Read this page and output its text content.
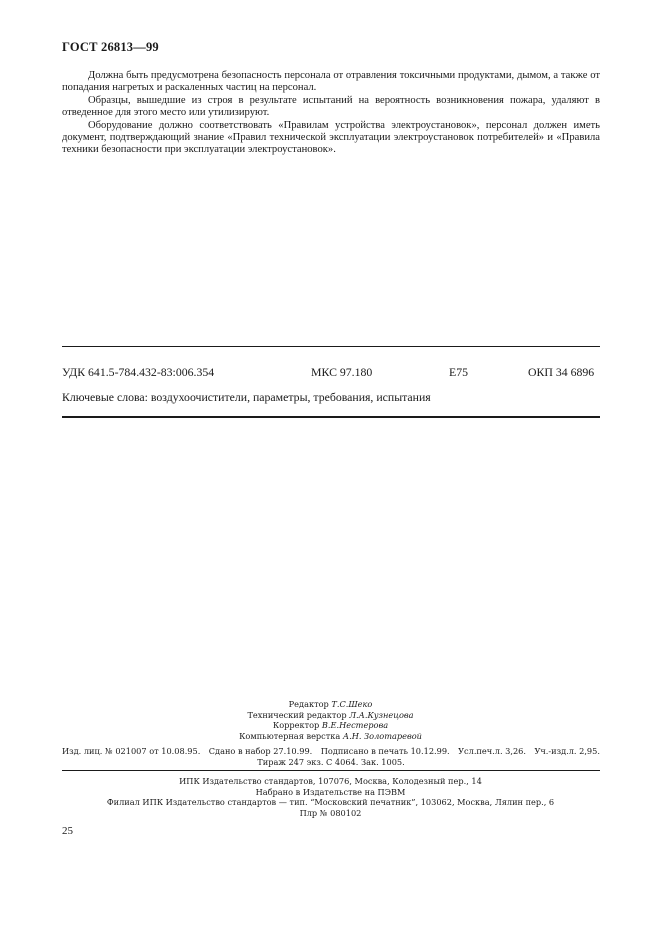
ГОСТ 26813—99

Должна быть предусмотрена безопасность персонала от отравления токсичными продуктами, дымом, а также от попадания нагретых и раскаленных частиц на персонал.

Образцы, вышедшие из строя в результате испытаний на вероятность возникновения пожара, удаляют в отведенное для этого место или утилизируют.

Оборудование должно соответствовать «Правилам устройства электроустановок», персонал должен иметь документ, подтверждающий знание «Правил технической эксплуатации электроустановок потребителей» и «Правила техники безопасности при эксплуатации электроустановок».

УДК 641.5-784.432-83:006.354	МКС 97.180	Е75	ОКП 34 6896
Ключевые слова: воздухоочистители, параметры, требования, испытания
Редактор Т.С.Шеко
Технический редактор Л.А.Кузнецова
Корректор В.Е.Нестерова
Компьютерная верстка А.Н. Золотаревой
Изд. лиц. № 021007 от 10.08.95. Сдано в набор 27.10.99. Подписано в печать 10.12.99. Усл.печ.л. 3,26. Уч.-изд.л. 2,95.
Тираж 247 экз. С 4064. Зак. 1005.
ИПК Издательство стандартов, 107076, Москва, Колодезный пер., 14
Набрано в Издательстве на ПЭВМ
Филиал ИПК Издательство стандартов — тип. “Московский печатник”, 103062, Москва, Лялин пер., 6
Плр № 080102
25
